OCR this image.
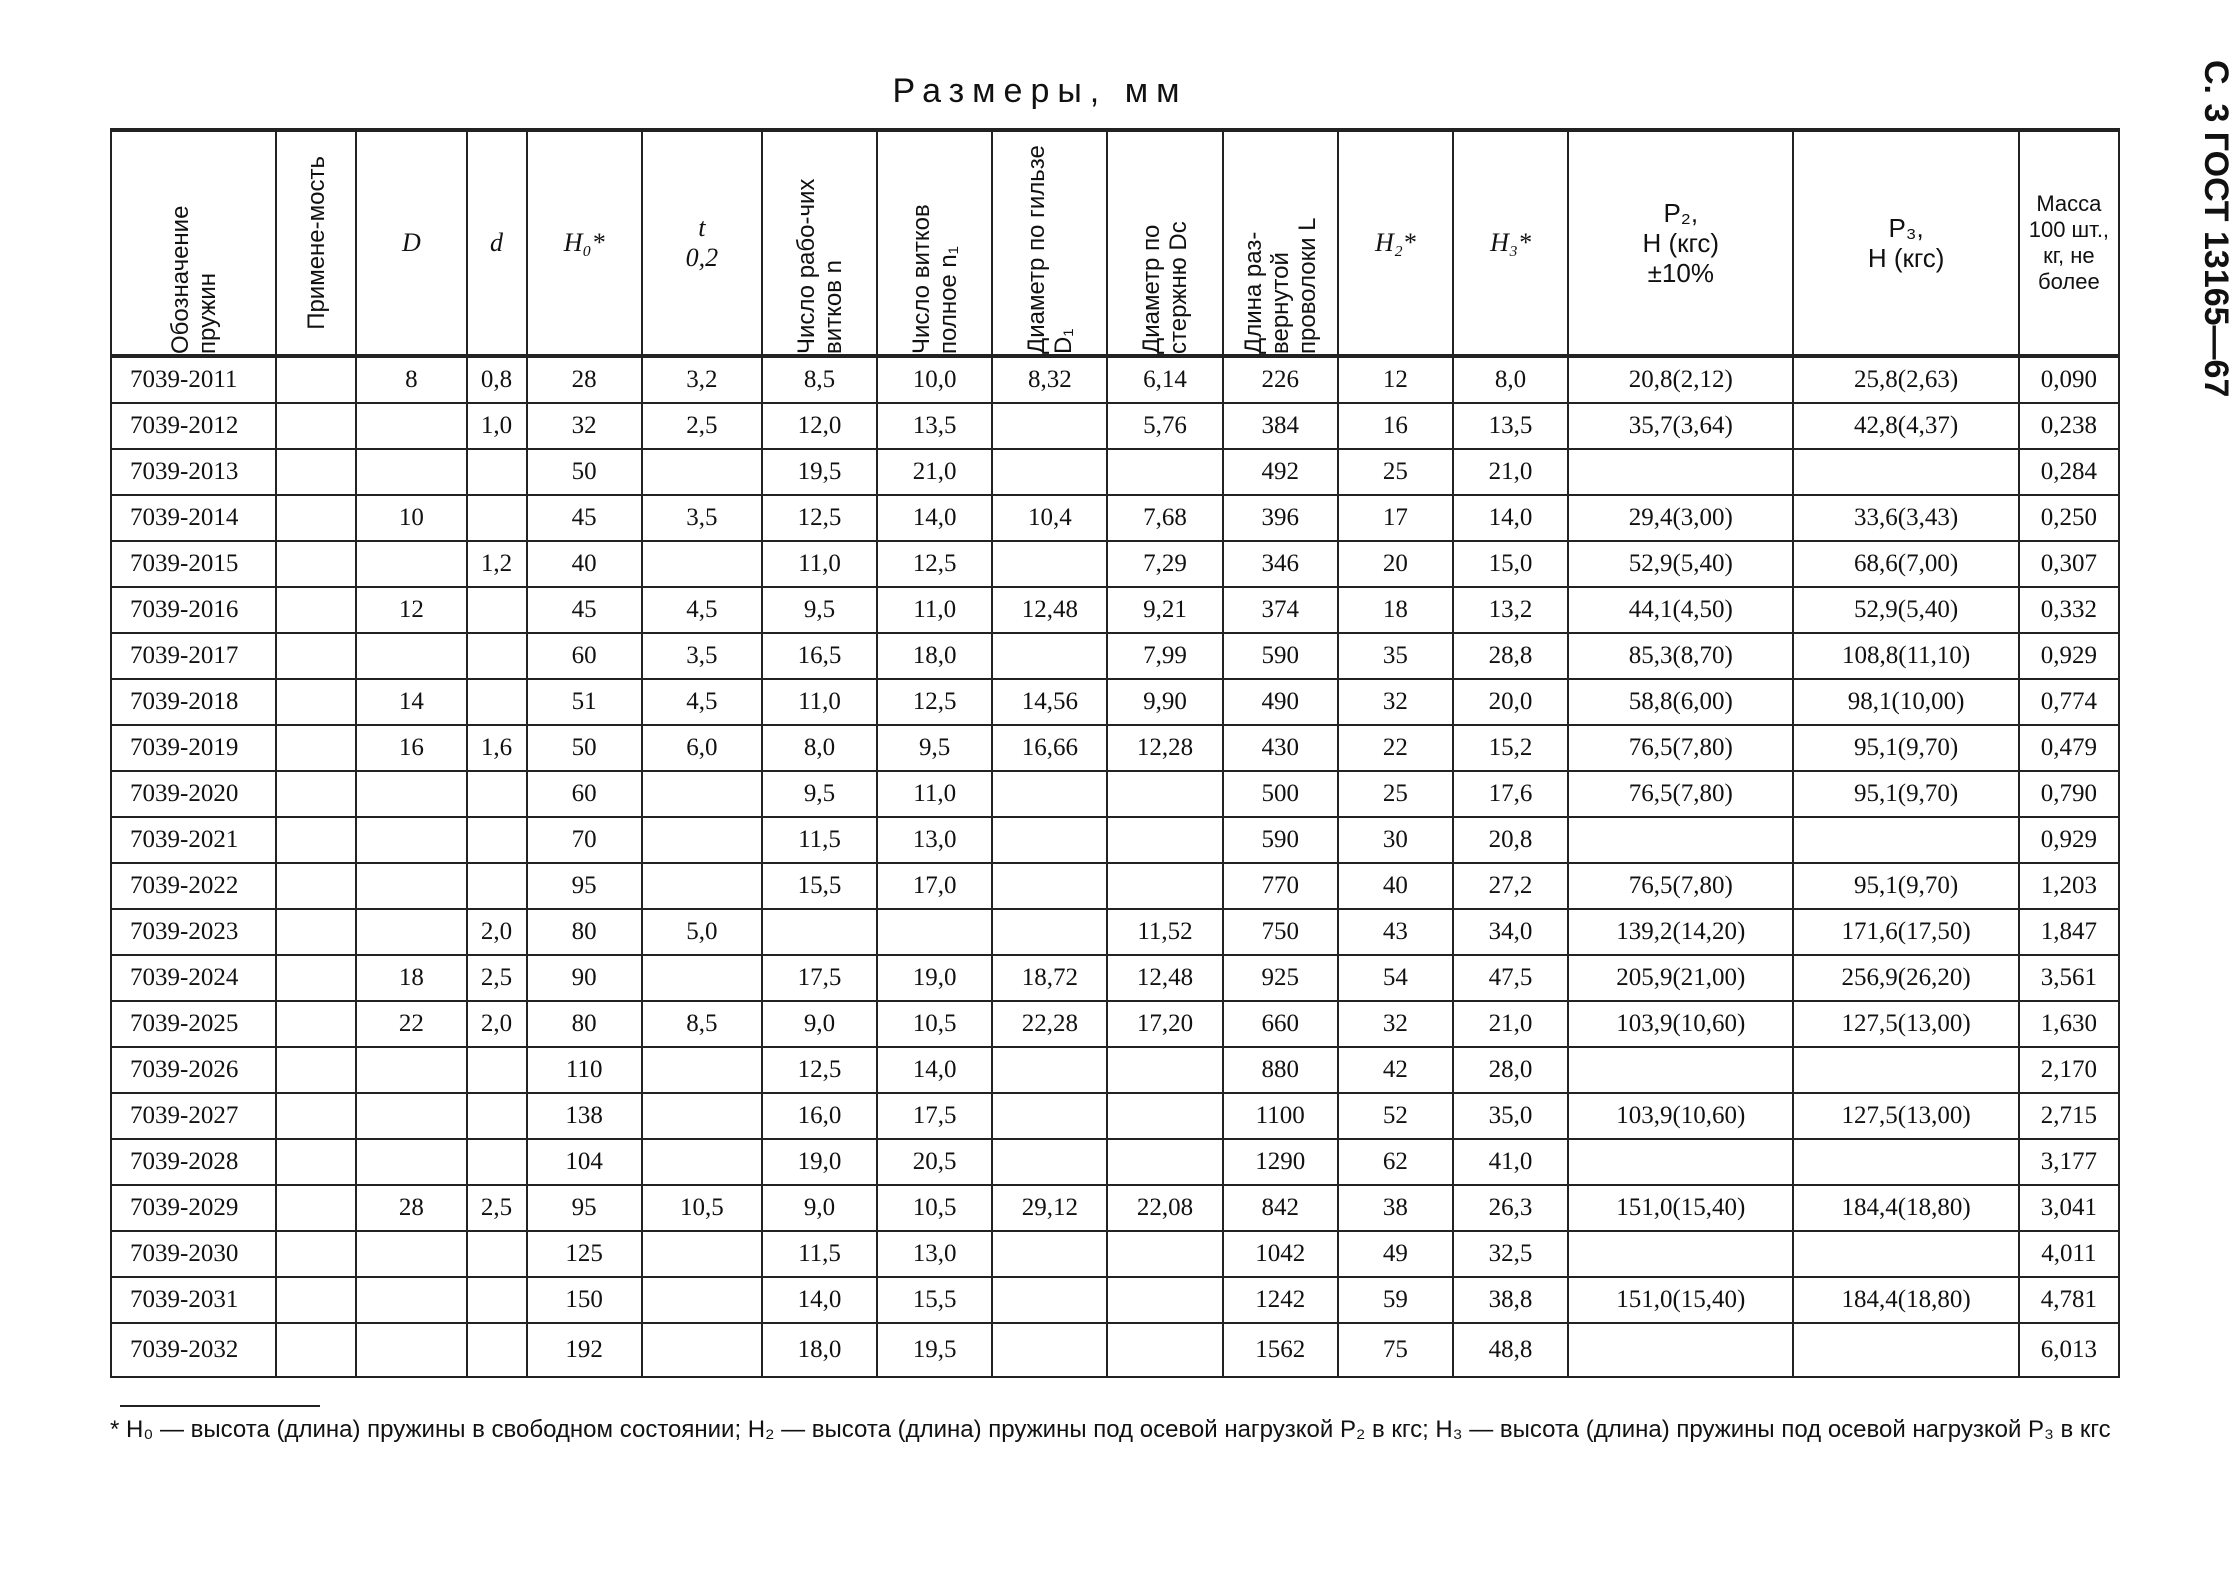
Размеры, мм	С. 3 ГОСТ 13165—67
Обозначение пружин	Примене-мость	D	d	H₀*	t
0,2	Число рабо-чих витков n	Число витков полное n₁	Диаметр по гильзе D₁	Диаметр по стержню Dс	Длина раз-вернутой проволоки L	H₂*	H₃*	P₂,
Н (кгс)
±10%	P₃,
Н (кгс)	Масса 100 шт., кг, не более

7039-2011		8	0,8	28	3,2	8,5	10,0	8,32	6,14	226	12	8,0	20,8(2,12)	25,8(2,63)	0,090
7039-2012			1,0	32	2,5	12,0	13,5		5,76	384	16	13,5	35,7(3,64)	42,8(4,37)	0,238
7039-2013				50		19,5	21,0			492	25	21,0			0,284
7039-2014		10		45	3,5	12,5	14,0	10,4	7,68	396	17	14,0	29,4(3,00)	33,6(3,43)	0,250
7039-2015			1,2	40		11,0	12,5		7,29	346	20	15,0	52,9(5,40)	68,6(7,00)	0,307
7039-2016		12		45	4,5	9,5	11,0	12,48	9,21	374	18	13,2	44,1(4,50)	52,9(5,40)	0,332
7039-2017				60	3,5	16,5	18,0		7,99	590	35	28,8	85,3(8,70)	108,8(11,10)	0,929
7039-2018		14		51	4,5	11,0	12,5	14,56	9,90	490	32	20,0	58,8(6,00)	98,1(10,00)	0,774
7039-2019		16	1,6	50	6,0	8,0	9,5	16,66	12,28	430	22	15,2	76,5(7,80)	95,1(9,70)	0,479
7039-2020				60		9,5	11,0			500	25	17,6	76,5(7,80)	95,1(9,70)	0,790
7039-2021				70		11,5	13,0			590	30	20,8			0,929
7039-2022				95		15,5	17,0			770	40	27,2	76,5(7,80)	95,1(9,70)	1,203
7039-2023			2,0	80	5,0				11,52	750	43	34,0	139,2(14,20)	171,6(17,50)	1,847
7039-2024		18	2,5	90		17,5	19,0	18,72	12,48	925	54	47,5	205,9(21,00)	256,9(26,20)	3,561
7039-2025		22	2,0	80	8,5	9,0	10,5	22,28	17,20	660	32	21,0	103,9(10,60)	127,5(13,00)	1,630
7039-2026				110		12,5	14,0			880	42	28,0			2,170
7039-2027				138		16,0	17,5			1100	52	35,0	103,9(10,60)	127,5(13,00)	2,715
7039-2028				104		19,0	20,5			1290	62	41,0			3,177
7039-2029		28	2,5	95	10,5	9,0	10,5	29,12	22,08	842	38	26,3	151,0(15,40)	184,4(18,80)	3,041
7039-2030				125		11,5	13,0			1042	49	32,5			4,011
7039-2031				150		14,0	15,5			1242	59	38,8	151,0(15,40)	184,4(18,80)	4,781
7039-2032				192		18,0	19,5			1562	75	48,8			6,013
* H₀ — высота (длина) пружины в свободном состоянии; H₂ — высота (длина) пружины под осевой нагрузкой P₂ в кгс; H₃ — высота (длина) пружины под осевой нагрузкой P₃ в кгс
